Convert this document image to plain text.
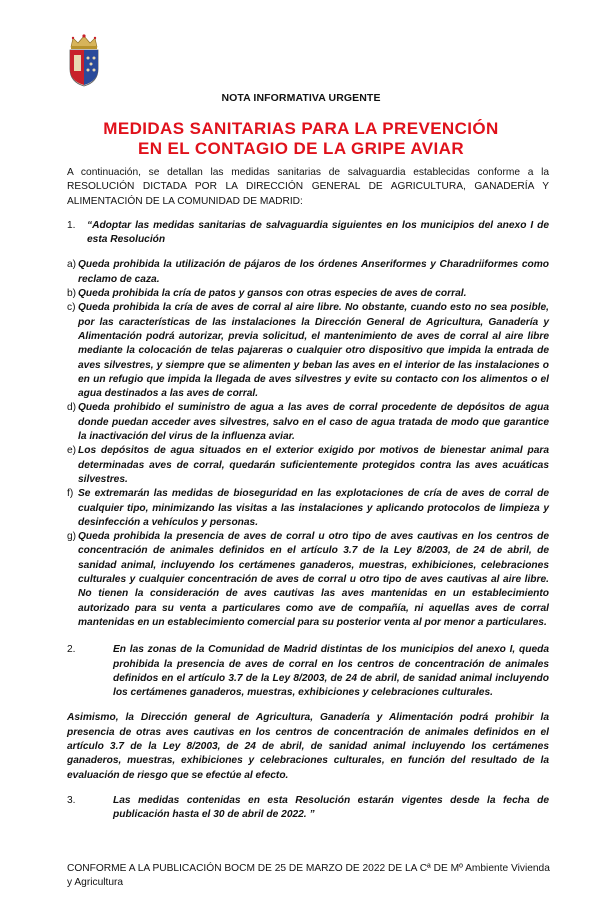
NOTA INFORMATIVA URGENTE
MEDIDAS SANITARIAS PARA LA PREVENCIÓN
EN EL CONTAGIO DE LA GRIPE AVIAR

A continuación, se detallan las medidas sanitarias de salvaguardia establecidas conforme a la RESOLUCIÓN DICTADA POR LA DIRECCIÓN GENERAL DE AGRICULTURA, GANADERÍA Y ALIMENTACIÓN DE LA COMUNIDAD DE MADRID:

1.	“Adoptar las medidas sanitarias de salvaguardia siguientes en los municipios del anexo I de esta Resolución

a) Queda prohibida la utilización de pájaros de los órdenes Anseriformes y Charadriiformes como reclamo de caza.
b) Queda prohibida la cría de patos y gansos con otras especies de aves de corral.
c) Queda prohibida la cría de aves de corral al aire libre. No obstante, cuando esto no sea posible, por las características de las instalaciones la Dirección General de Agricultura, Ganadería y Alimentación podrá autorizar, previa solicitud, el mantenimiento de aves de corral al aire libre mediante la colocación de telas pajareras o cualquier otro dispositivo que impida la entrada de aves silvestres, y siempre que se alimenten y beban las aves en el interior de las instalaciones o en un refugio que impida la llegada de aves silvestres y evite su contacto con los alimentos o el agua destinados a las aves de corral.
d) Queda prohibido el suministro de agua a las aves de corral procedente de depósitos de agua donde puedan acceder aves silvestres, salvo en el caso de agua tratada de modo que garantice la inactivación del virus de la influenza aviar.
e) Los depósitos de agua situados en el exterior exigido por motivos de bienestar animal para determinadas aves de corral, quedarán suficientemente protegidos contra las aves acuáticas silvestres.
f) Se extremarán las medidas de bioseguridad en las explotaciones de cría de aves de corral de cualquier tipo, minimizando las visitas a las instalaciones y aplicando protocolos de limpieza y desinfección a vehículos y personas.
g) Queda prohibida la presencia de aves de corral u otro tipo de aves cautivas en los centros de concentración de animales definidos en el artículo 3.7 de la Ley 8/2003, de 24 de abril, de sanidad animal, incluyendo los certámenes ganaderos, muestras, exhibiciones, celebraciones culturales y cualquier concentración de aves de corral u otro tipo de aves cautivas al aire libre. No tienen la consideración de aves cautivas las aves mantenidas en un establecimiento autorizado para su venta a particulares como ave de compañía, ni aquellas aves de corral mantenidas en un establecimiento comercial para su posterior venta al por menor a particulares.

2.	En las zonas de la Comunidad de Madrid distintas de los municipios del anexo I, queda prohibida la presencia de aves de corral en los centros de concentración de animales definidos en el artículo 3.7 de la Ley 8/2003, de 24 de abril, de sanidad animal incluyendo los certámenes ganaderos, muestras, exhibiciones y celebraciones culturales.

Asimismo, la Dirección general de Agricultura, Ganadería y Alimentación podrá prohibir la presencia de otras aves cautivas en los centros de concentración de animales definidos en el artículo 3.7 de la Ley 8/2003, de 24 de abril, de sanidad animal incluyendo los certámenes ganaderos, muestras, exhibiciones y celebraciones culturales, en función del resultado de la evaluación de riesgo que se efectúe al efecto.

3.	Las medidas contenidas en esta Resolución estarán vigentes desde la fecha de publicación hasta el 30 de abril de 2022. ”

CONFORME A LA PUBLICACIÓN BOCM DE 25 DE MARZO DE 2022 DE LA Cª DE Mº Ambiente Vivienda y Agricultura
